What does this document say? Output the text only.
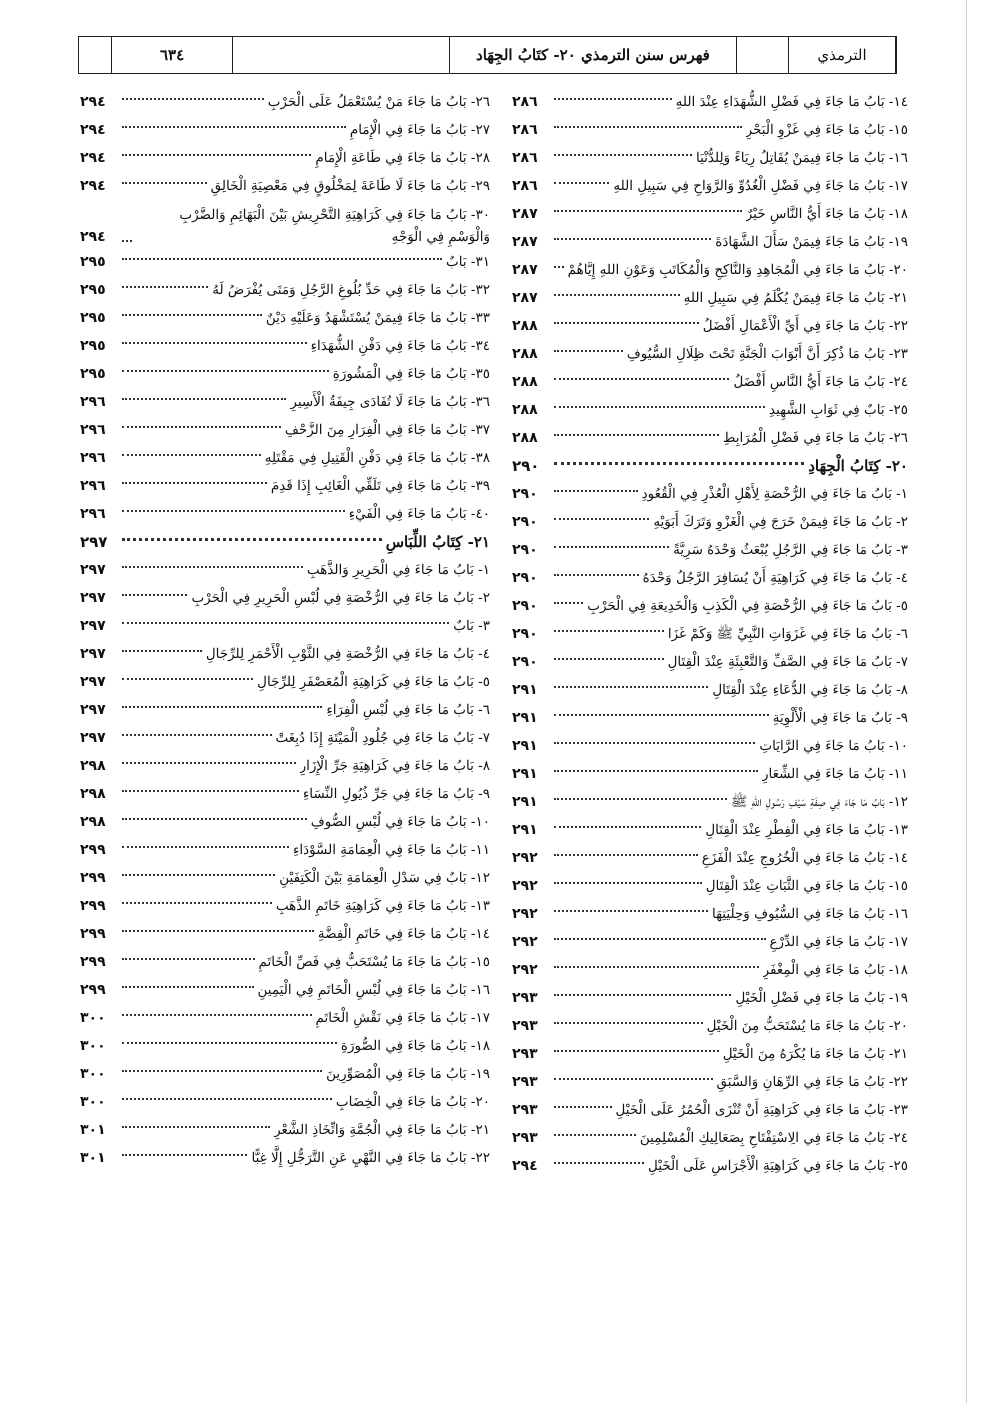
٦٣٤	فهرس سنن الترمذي ٢٠- كتَابُ الجِهَاد	الترمذي
١٤- بَابُ مَا جَاءَ فِي فَضْلِ الشُّهَدَاءِ عِنْدَ اللهِ
٢٨٦
١٥- بَابُ مَا جَاءَ فِي غَزْوِ الْبَحْرِ
٢٨٦
١٦- بَابُ مَا جَاءَ فِيمَنْ يُقَاتِلُ رِيَاءً وَلِلدُّنْيَا
٢٨٦
١٧- بَابُ مَا جَاءَ فِي فَضْلِ الْغُدُوِّ وَالرَّوَاحِ فِي سَبِيلِ اللهِ
٢٨٦
١٨- بَابُ مَا جَاءَ أَيُّ النَّاسِ خَيْرٌ
٢٨٧
١٩- بَابُ مَا جَاءَ فِيمَنْ سَأَلَ الشَّهَادَةَ
٢٨٧
٢٠- بَابُ مَا جَاءَ فِي الْمُجَاهِدِ وَالنَّاكِحِ وَالْمُكَاتَبِ وَعَوْنِ اللهِ إِيَّاهُمْ
٢٨٧
٢١- بَابُ مَا جَاءَ فِيمَنْ يُكْلَمُ فِي سَبِيلِ اللهِ
٢٨٧
٢٢- بَابُ مَا جَاءَ فِي أَيِّ الْأَعْمَالِ أَفْضَلُ
٢٨٨
٢٣- بَابُ مَا ذُكِرَ أَنَّ أَبْوَابَ الْجَنَّةِ تَحْتَ ظِلَالِ السُّيُوفِ
٢٨٨
٢٤- بَابُ مَا جَاءَ أَيُّ النَّاسِ أَفْضَلُ
٢٨٨
٢٥- بَابٌ فِي ثَوَابِ الشَّهِيدِ
٢٨٨
٢٦- بَابُ مَا جَاءَ فِي فَضْلِ الْمُرَابِطِ
٢٨٨
٢٠- كِتَابُ الْجِهَادِ
٢٩٠
١- بَابُ مَا جَاءَ فِي الرُّخْصَةِ لِأَهْلِ الْعُذْرِ فِي الْقُعُودِ
٢٩٠
٢- بَابُ مَا جَاءَ فِيمَنْ خَرَجَ فِي الْغَزْوِ وَتَرَكَ أَبَوَيْهِ
٢٩٠
٣- بَابُ مَا جَاءَ فِي الرَّجُلِ يُبْعَثُ وَحْدَهُ سَرِيَّةً
٢٩٠
٤- بَابُ مَا جَاءَ فِي كَرَاهِيَةِ أَنْ يُسَافِرَ الرَّجُلُ وَحْدَهُ
٢٩٠
٥- بَابُ مَا جَاءَ فِي الرُّخْصَةِ فِي الْكَذِبِ وَالْخَدِيعَةِ فِي الْحَرْبِ
٢٩٠
٦- بَابُ مَا جَاءَ فِي غَزَوَاتِ النَّبِيِّ ﷺ وَكَمْ غَزَا
٢٩٠
٧- بَابُ مَا جَاءَ فِي الصَّفِّ وَالتَّعْبِئَةِ عِنْدَ الْقِتَالِ
٢٩٠
٨- بَابُ مَا جَاءَ فِي الدُّعَاءِ عِنْدَ الْقِتَالِ
٢٩١
٩- بَابُ مَا جَاءَ فِي الْأَلْوِيَةِ
٢٩١
١٠- بَابُ مَا جَاءَ فِي الرَّايَاتِ
٢٩١
١١- بَابُ مَا جَاءَ فِي الشِّعَارِ
٢٩١
١٢- بَابُ مَا جَاءَ فِي صِفَةِ سَيْفِ رَسُولِ اللهِ ﷺ
٢٩١
١٣- بَابُ مَا جَاءَ فِي الْفِطْرِ عِنْدَ الْقِتَالِ
٢٩١
١٤- بَابُ مَا جَاءَ فِي الْخُرُوجِ عِنْدَ الْفَزَعِ
٢٩٢
١٥- بَابُ مَا جَاءَ فِي الثَّبَاتِ عِنْدَ الْقِتَالِ
٢٩٢
١٦- بَابُ مَا جَاءَ فِي السُّيُوفِ وَحِلْيَتِهَا
٢٩٢
١٧- بَابُ مَا جَاءَ فِي الدِّرْعِ
٢٩٢
١٨- بَابُ مَا جَاءَ فِي الْمِغْفَرِ
٢٩٢
١٩- بَابُ مَا جَاءَ فِي فَضْلِ الْخَيْلِ
٢٩٣
٢٠- بَابُ مَا جَاءَ مَا يُسْتَحَبُّ مِنَ الْخَيْلِ
٢٩٣
٢١- بَابُ مَا جَاءَ مَا يُكْرَهُ مِنَ الْخَيْلِ
٢٩٣
٢٢- بَابُ مَا جَاءَ فِي الرِّهَانِ وَالسَّبَقِ
٢٩٣
٢٣- بَابُ مَا جَاءَ فِي كَرَاهِيَةِ أَنْ تُنْزَى الْحُمُرُ عَلَى الْخَيْلِ
٢٩٣
٢٤- بَابُ مَا جَاءَ فِي الِاسْتِفْتَاحِ بِصَعَالِيكِ الْمُسْلِمِينَ
٢٩٣
٢٥- بَابُ مَا جَاءَ فِي كَرَاهِيَةِ الْأَجْرَاسِ عَلَى الْخَيْلِ
٢٩٤
٢٦- بَابُ مَا جَاءَ مَنْ يُسْتَعْمَلُ عَلَى الْحَرْبِ
٢٩٤
٢٧- بَابُ مَا جَاءَ فِي الْإِمَامِ
٢٩٤
٢٨- بَابُ مَا جَاءَ فِي طَاعَةِ الْإِمَامِ
٢٩٤
٢٩- بَابُ مَا جَاءَ لَا طَاعَةَ لِمَخْلُوقٍ فِي مَعْصِيَةِ الْخَالِقِ
٢٩٤
٣٠- بَابُ مَا جَاءَ فِي كَرَاهِيَةِ التَّحْرِيشِ بَيْنَ الْبَهَائِمِ وَالضَّرْبِ وَالْوَسْمِ فِي الْوَجْهِ
٢٩٤
٣١- بَابٌ
٢٩٥
٣٢- بَابُ مَا جَاءَ فِي حَدِّ بُلُوغِ الرَّجُلِ وَمَتَى يُفْرَضُ لَهُ
٢٩٥
٣٣- بَابُ مَا جَاءَ فِيمَنْ يُسْتَشْهَدُ وَعَلَيْهِ دَيْنٌ
٢٩٥
٣٤- بَابُ مَا جَاءَ فِي دَفْنِ الشُّهَدَاءِ
٢٩٥
٣٥- بَابُ مَا جَاءَ فِي الْمَشُورَةِ
٢٩٥
٣٦- بَابُ مَا جَاءَ لَا تُفَادَى جِيفَةُ الْأَسِيرِ
٢٩٦
٣٧- بَابُ مَا جَاءَ فِي الْفِرَارِ مِنَ الزَّحْفِ
٢٩٦
٣٨- بَابُ مَا جَاءَ فِي دَفْنِ الْقَتِيلِ فِي مَقْتَلِهِ
٢٩٦
٣٩- بَابُ مَا جَاءَ فِي تَلَقِّي الْغَائِبِ إِذَا قَدِمَ
٢٩٦
٤٠- بَابُ مَا جَاءَ فِي الْفَيْءِ
٢٩٦
٢١- كِتَابُ اللِّبَاسِ
٢٩٧
١- بَابُ مَا جَاءَ فِي الْحَرِيرِ وَالذَّهَبِ
٢٩٧
٢- بَابُ مَا جَاءَ فِي الرُّخْصَةِ فِي لُبْسِ الْحَرِيرِ فِي الْحَرْبِ
٢٩٧
٣- بَابٌ
٢٩٧
٤- بَابُ مَا جَاءَ فِي الرُّخْصَةِ فِي الثَّوْبِ الْأَحْمَرِ لِلرِّجَالِ
٢٩٧
٥- بَابُ مَا جَاءَ فِي كَرَاهِيَةِ الْمُعَصْفَرِ لِلرِّجَالِ
٢٩٧
٦- بَابُ مَا جَاءَ فِي لُبْسِ الْفِرَاءِ
٢٩٧
٧- بَابُ مَا جَاءَ فِي جُلُودِ الْمَيْتَةِ إِذَا دُبِغَتْ
٢٩٧
٨- بَابُ مَا جَاءَ فِي كَرَاهِيَةِ جَرِّ الْإِزَارِ
٢٩٨
٩- بَابُ مَا جَاءَ فِي جَرِّ ذُيُولِ النِّسَاءِ
٢٩٨
١٠- بَابُ مَا جَاءَ فِي لُبْسِ الصُّوفِ
٢٩٨
١١- بَابُ مَا جَاءَ فِي الْعِمَامَةِ السَّوْدَاءِ
٢٩٩
١٢- بَابٌ فِي سَدْلِ الْعِمَامَةِ بَيْنَ الْكَتِفَيْنِ
٢٩٩
١٣- بَابُ مَا جَاءَ فِي كَرَاهِيَةِ خَاتَمِ الذَّهَبِ
٢٩٩
١٤- بَابُ مَا جَاءَ فِي خَاتَمِ الْفِضَّةِ
٢٩٩
١٥- بَابُ مَا جَاءَ مَا يُسْتَحَبُّ فِي فَصِّ الْخَاتَمِ
٢٩٩
١٦- بَابُ مَا جَاءَ فِي لُبْسِ الْخَاتَمِ فِي الْيَمِينِ
٢٩٩
١٧- بَابُ مَا جَاءَ فِي نَقْشِ الْخَاتَمِ
٣٠٠
١٨- بَابُ مَا جَاءَ فِي الصُّورَةِ
٣٠٠
١٩- بَابُ مَا جَاءَ فِي الْمُصَوِّرِينَ
٣٠٠
٢٠- بَابُ مَا جَاءَ فِي الْخِضَابِ
٣٠٠
٢١- بَابُ مَا جَاءَ فِي الْجُمَّةِ وَاتِّخَاذِ الشَّعْرِ
٣٠١
٢٢- بَابُ مَا جَاءَ فِي النَّهْيِ عَنِ التَّرَجُّلِ إِلَّا غِبًّا
٣٠١
